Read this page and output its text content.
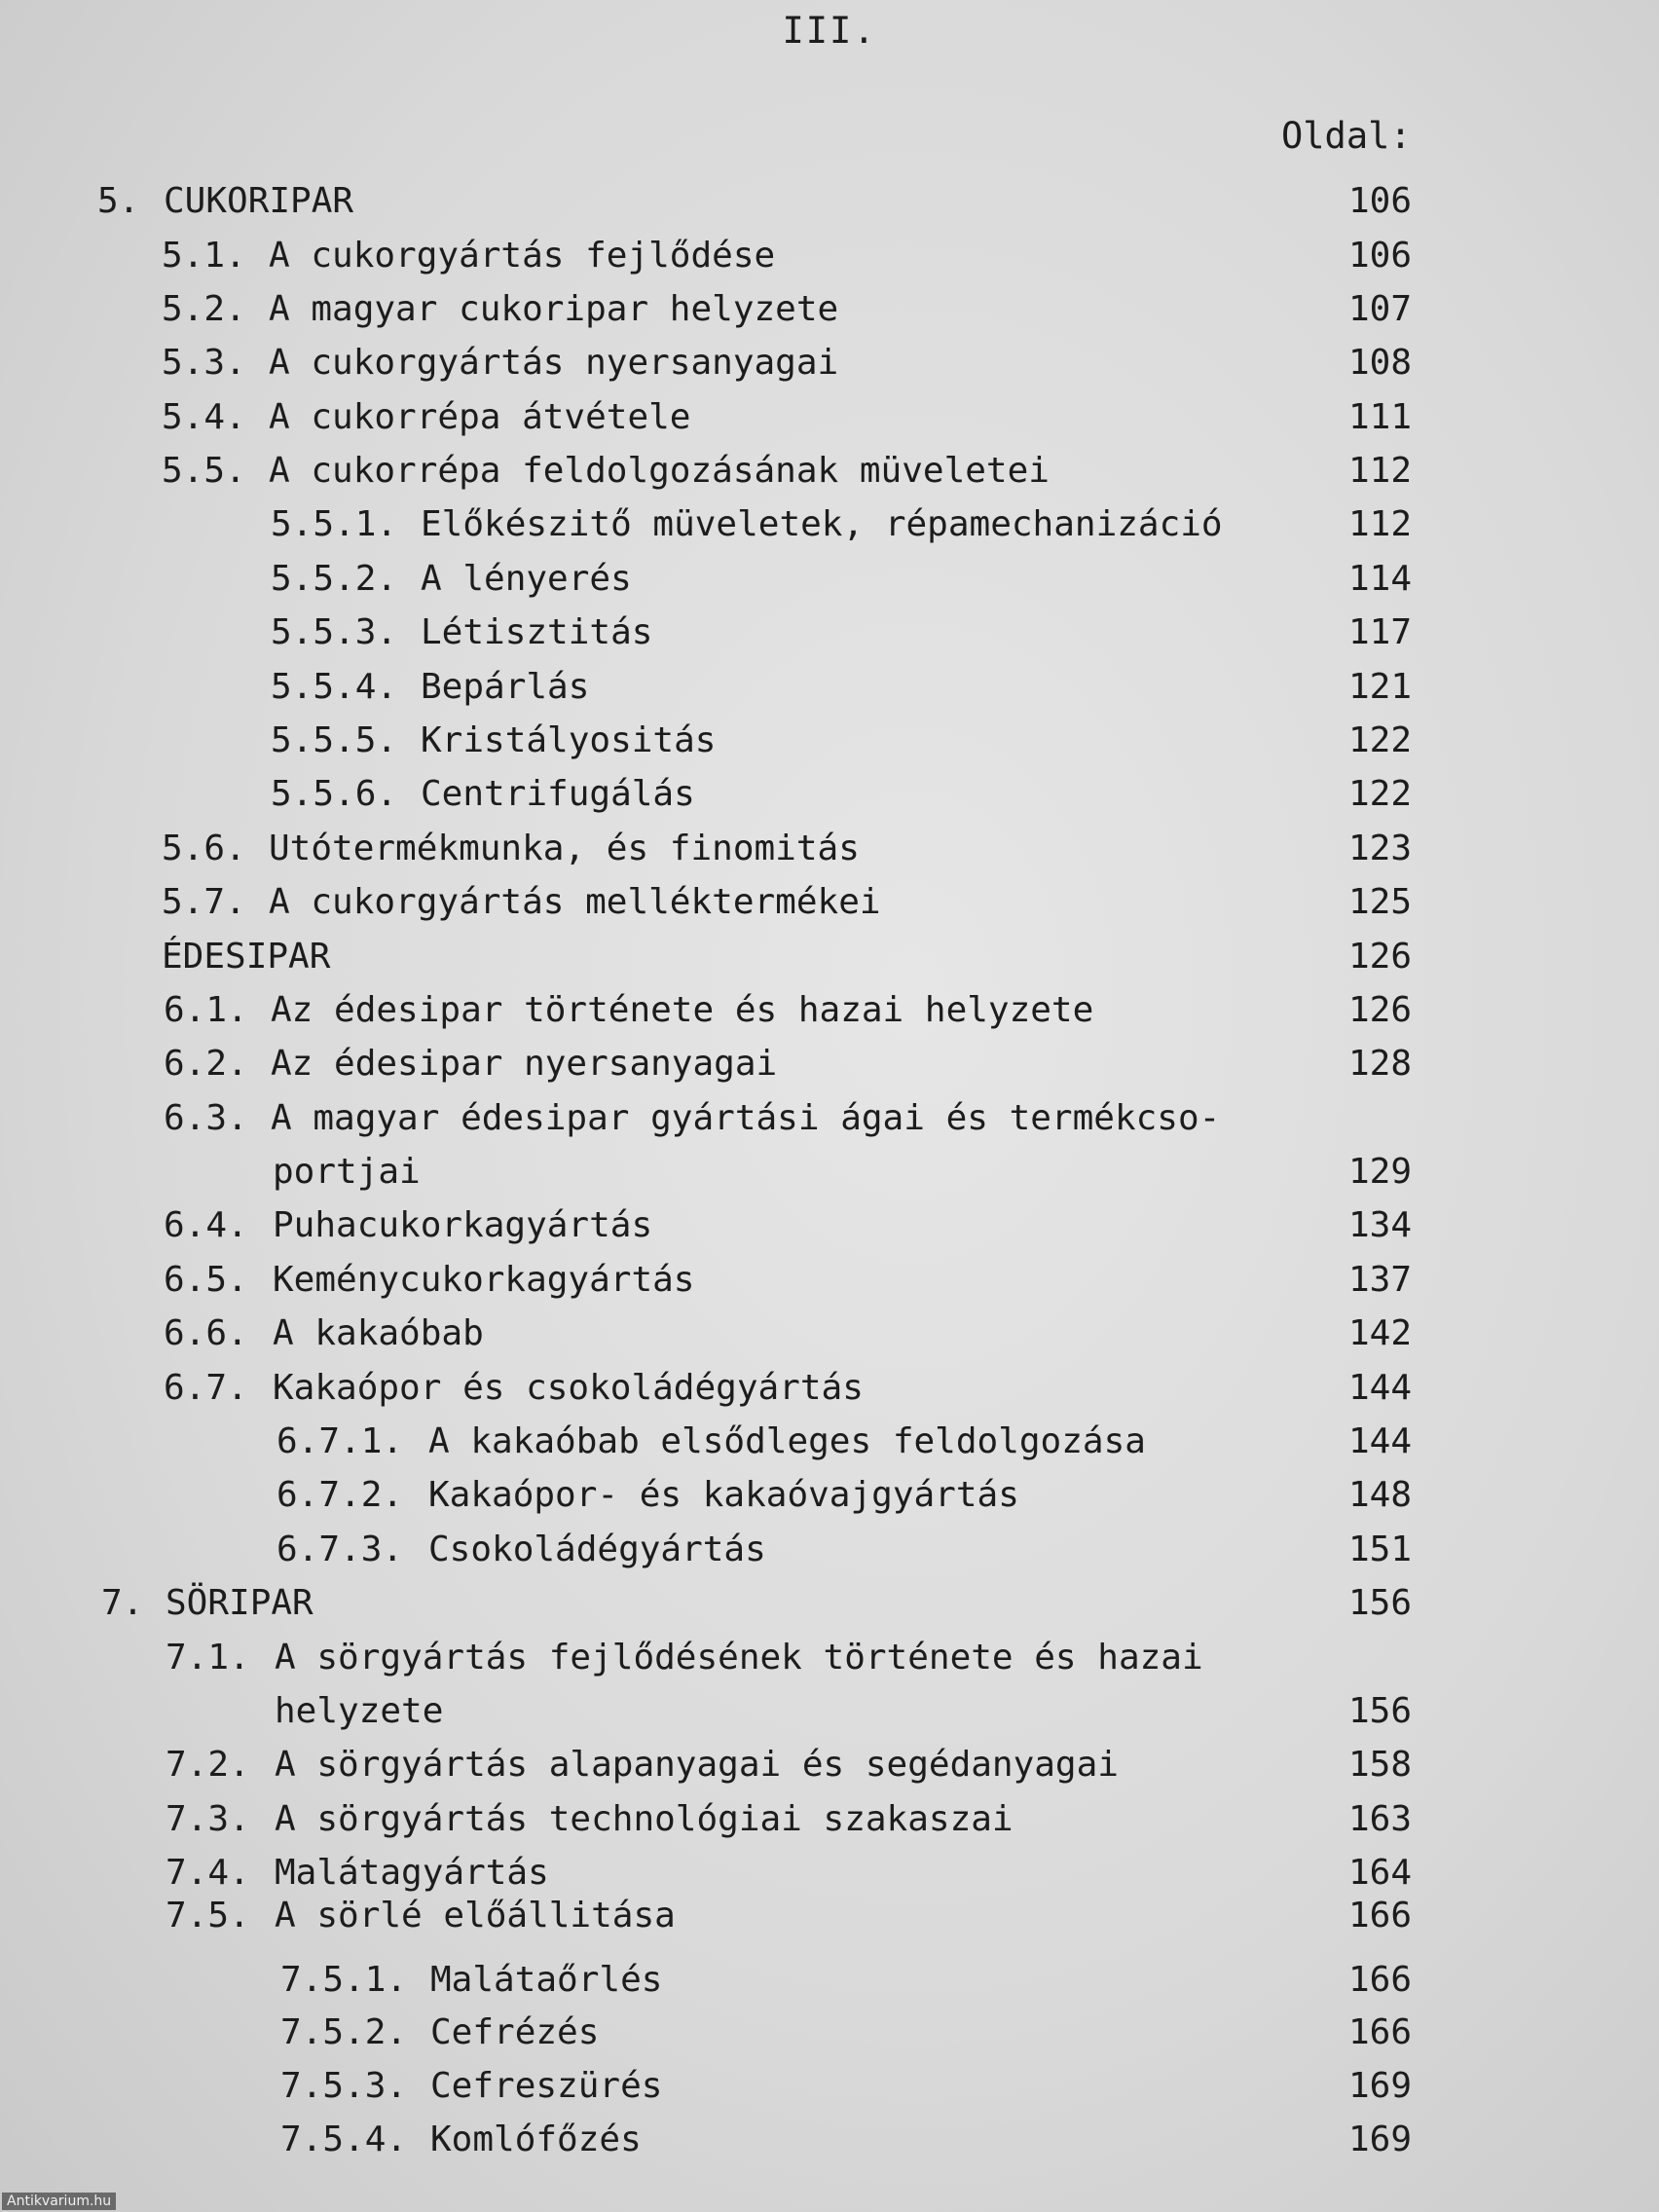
III.
Oldal:
5. CUKORIPAR	106
5.1. A cukorgyártás fejlődése	106
5.2. A magyar cukoripar helyzete	107
5.3. A cukorgyártás nyersanyagai	108
5.4. A cukorrépa átvétele	111
5.5. A cukorrépa feldolgozásának müveletei	112
5.5.1. Előkészitő müveletek, répamechanizáció	112
5.5.2. A lényerés	114
5.5.3. Létisztitás	117
5.5.4. Bepárlás	121
5.5.5. Kristályositás	122
5.5.6. Centrifugálás	122
5.6. Utótermékmunka, és finomitás	123
5.7. A cukorgyártás melléktermékei	125
ÉDESIPAR	126
6.1. Az édesipar története és hazai helyzete	126
6.2. Az édesipar nyersanyagai	128
6.3. A magyar édesipar gyártási ágai és termékcso-
portjai	129
6.4. Puhacukorkagyártás	134
6.5. Keménycukorkagyártás	137
6.6. A kakaóbab	142
6.7. Kakaópor és csokoládégyártás	144
6.7.1. A kakaóbab elsődleges feldolgozása	144
6.7.2. Kakaópor- és kakaóvajgyártás	148
6.7.3. Csokoládégyártás	151
7. SÖRIPAR	156
7.1. A sörgyártás fejlődésének története és hazai
helyzete	156
7.2. A sörgyártás alapanyagai és segédanyagai	158
7.3. A sörgyártás technológiai szakaszai	163
7.4. Malátagyártás	164
7.5. A sörlé előállitása	166
7.5.1. Malátaőrlés	166
7.5.2. Cefrézés	166
7.5.3. Cefreszürés	169
7.5.4. Komlófőzés	169
Antikvarium.hu
